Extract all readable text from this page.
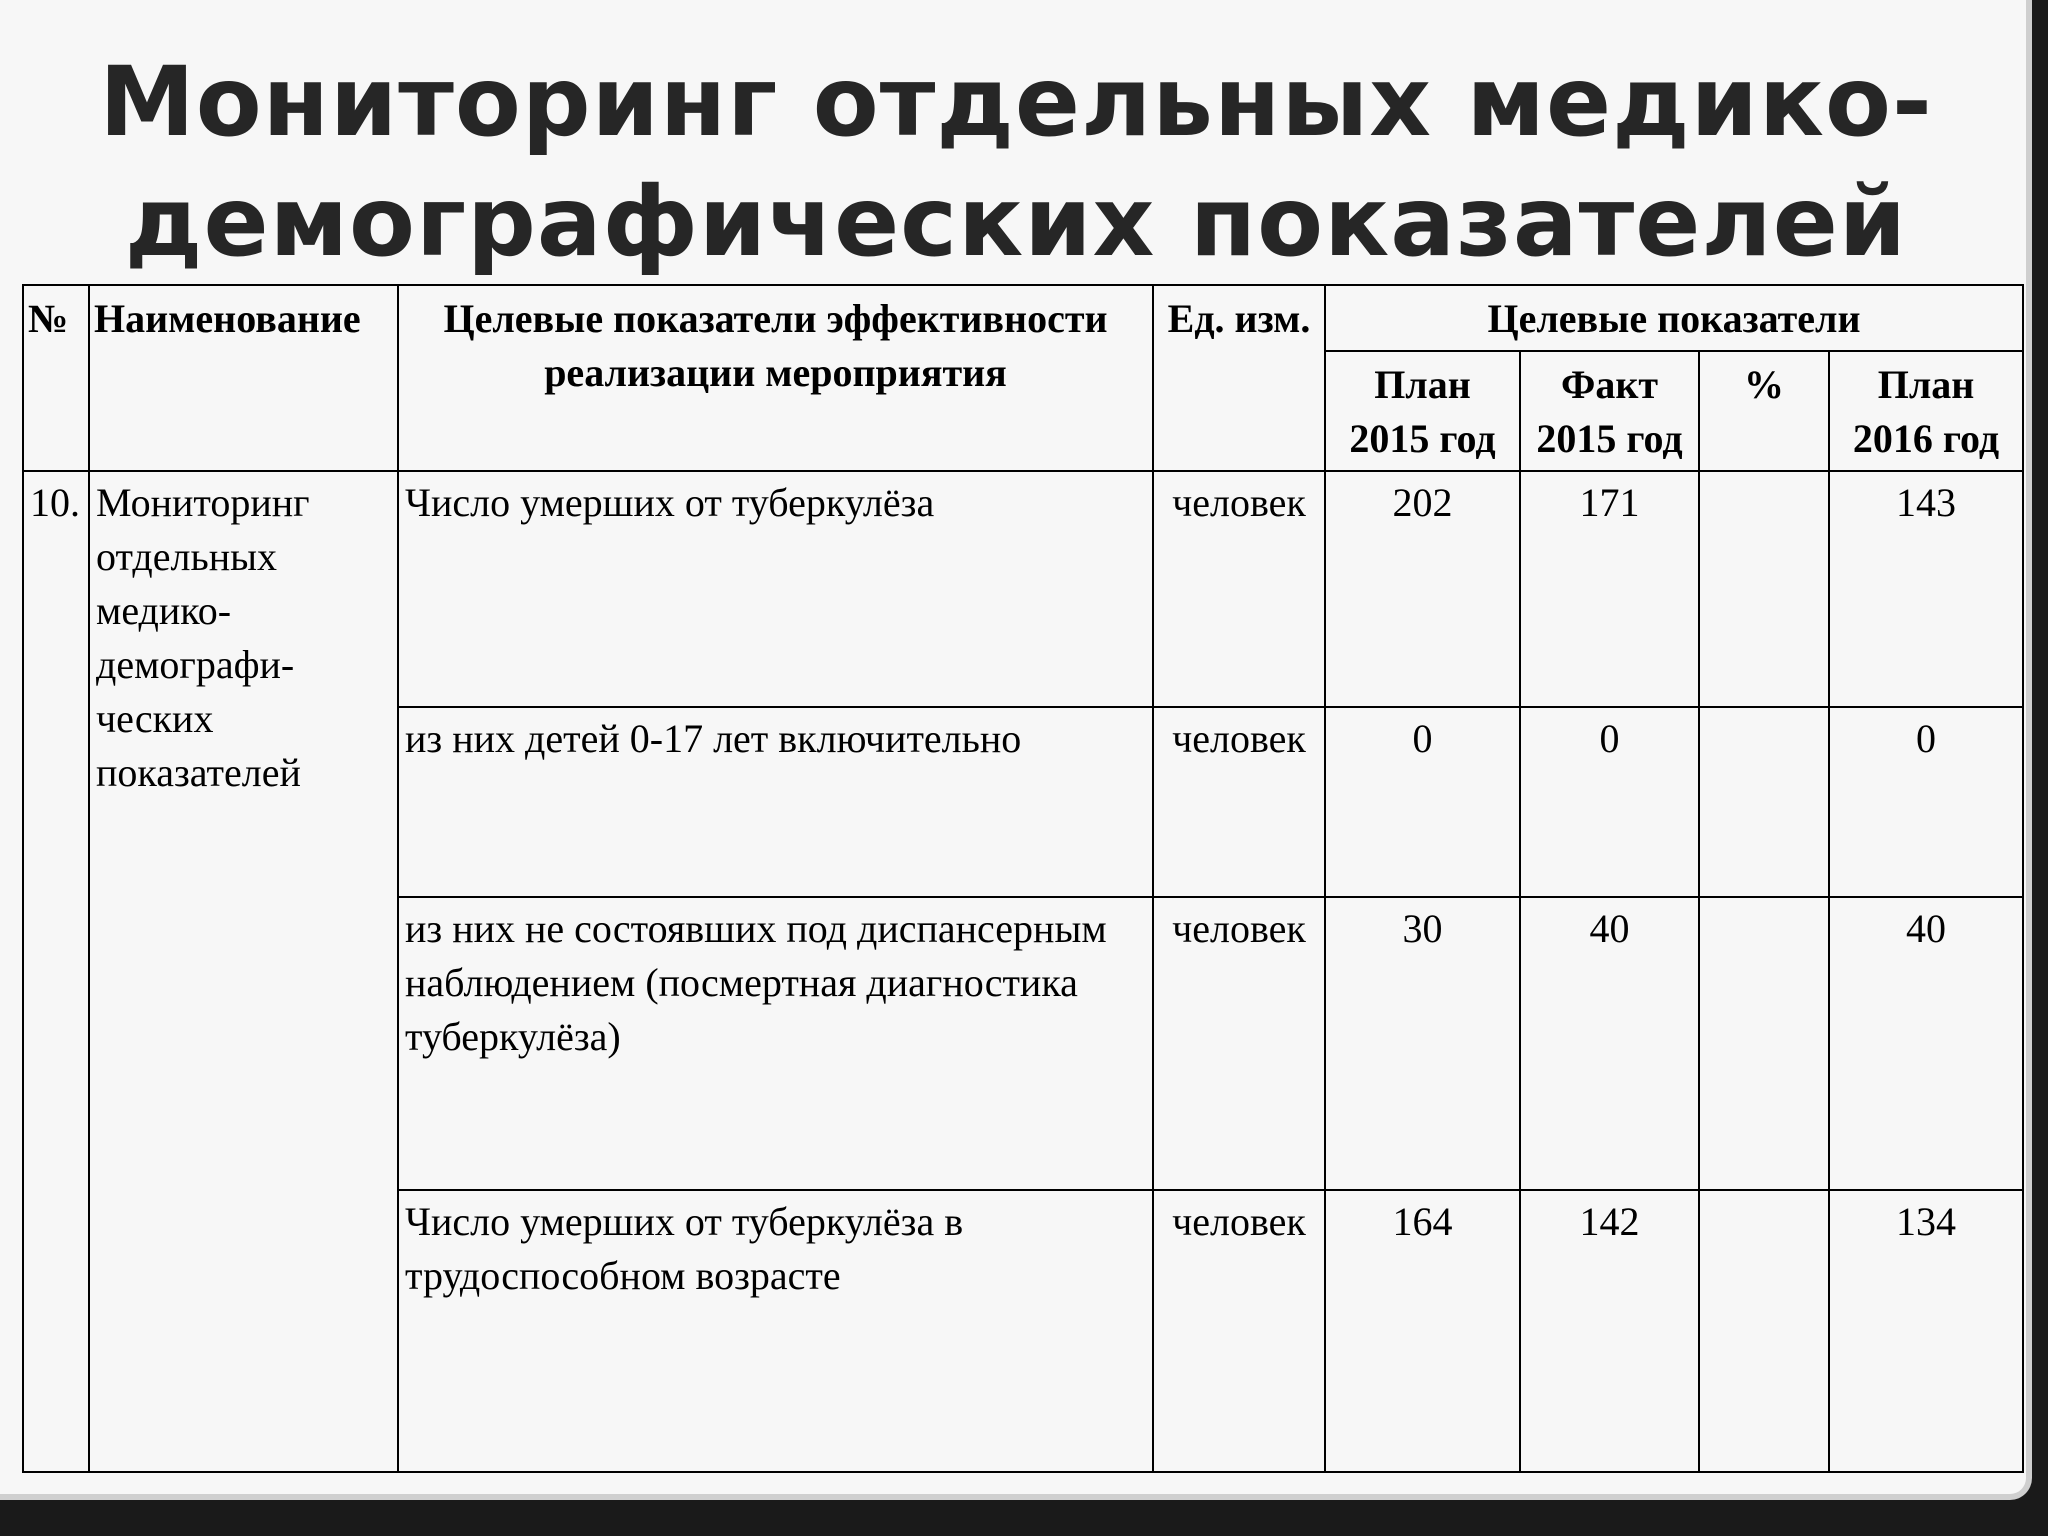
Мониторинг отдельных медико-
демографических показателей
№	Наименование	Целевые показатели эффективности реализации мероприятия	Ед. изм.	Целевые показатели			
				План 2015 год	Факт 2015 год	%	План 2016 год
10.	Мониторинг отдельных медико-демографи-ческих показателей	Число умерших от туберкулёза	человек	202	171		143
		из них детей 0-17 лет включительно	человек	0	0		0
		из них не состоявших под диспансерным наблюдением (посмертная диагностика туберкулёза)	человек	30	40		40
		Число умерших от туберкулёза в трудоспособном возрасте	человек	164	142		134
